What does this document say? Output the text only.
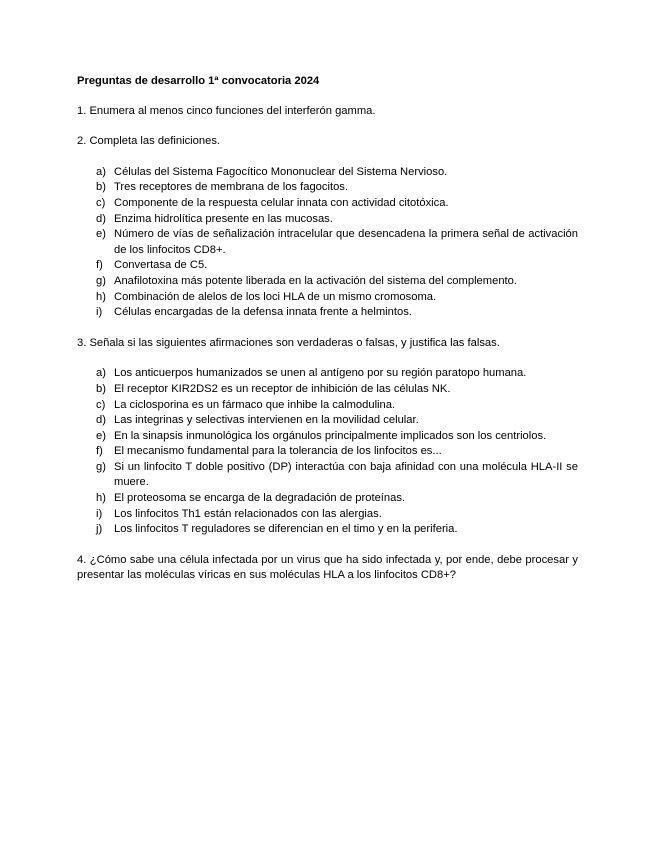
Preguntas de desarrollo 1ª convocatoria 2024

1. Enumera al menos cinco funciones del interferón gamma.

2. Completa las definiciones.

a) Células del Sistema Fagocítico Mononuclear del Sistema Nervioso.
b) Tres receptores de membrana de los fagocitos.
c) Componente de la respuesta celular innata con actividad citotóxica.
d) Enzima hidrolítica presente en las mucosas.
e) Número de vías de señalización intracelular que desencadena la primera señal de activación de los linfocitos CD8+.
f) Convertasa de C5.
g) Anafilotoxina más potente liberada en la activación del sistema del complemento.
h) Combinación de alelos de los loci HLA de un mismo cromosoma.
i) Células encargadas de la defensa innata frente a helmintos.

3. Señala si las siguientes afirmaciones son verdaderas o falsas, y justifica las falsas.

a) Los anticuerpos humanizados se unen al antígeno por su región paratopo humana.
b) El receptor KIR2DS2 es un receptor de inhibición de las células NK.
c) La ciclosporina es un fármaco que inhibe la calmodulina.
d) Las integrinas y selectivas intervienen en la movilidad celular.
e) En la sinapsis inmunológica los orgánulos principalmente implicados son los centriolos.
f) El mecanismo fundamental para la tolerancia de los linfocitos es...
g) Si un linfocito T doble positivo (DP) interactúa con baja afinidad con una molécula HLA-II se muere.
h) El proteosoma se encarga de la degradación de proteínas.
i) Los linfocitos Th1 están relacionados con las alergias.
j) Los linfocitos T reguladores se diferencian en el timo y en la periferia.

4. ¿Cómo sabe una célula infectada por un virus que ha sido infectada y, por ende, debe procesar y presentar las moléculas víricas en sus moléculas HLA a los linfocitos CD8+?
